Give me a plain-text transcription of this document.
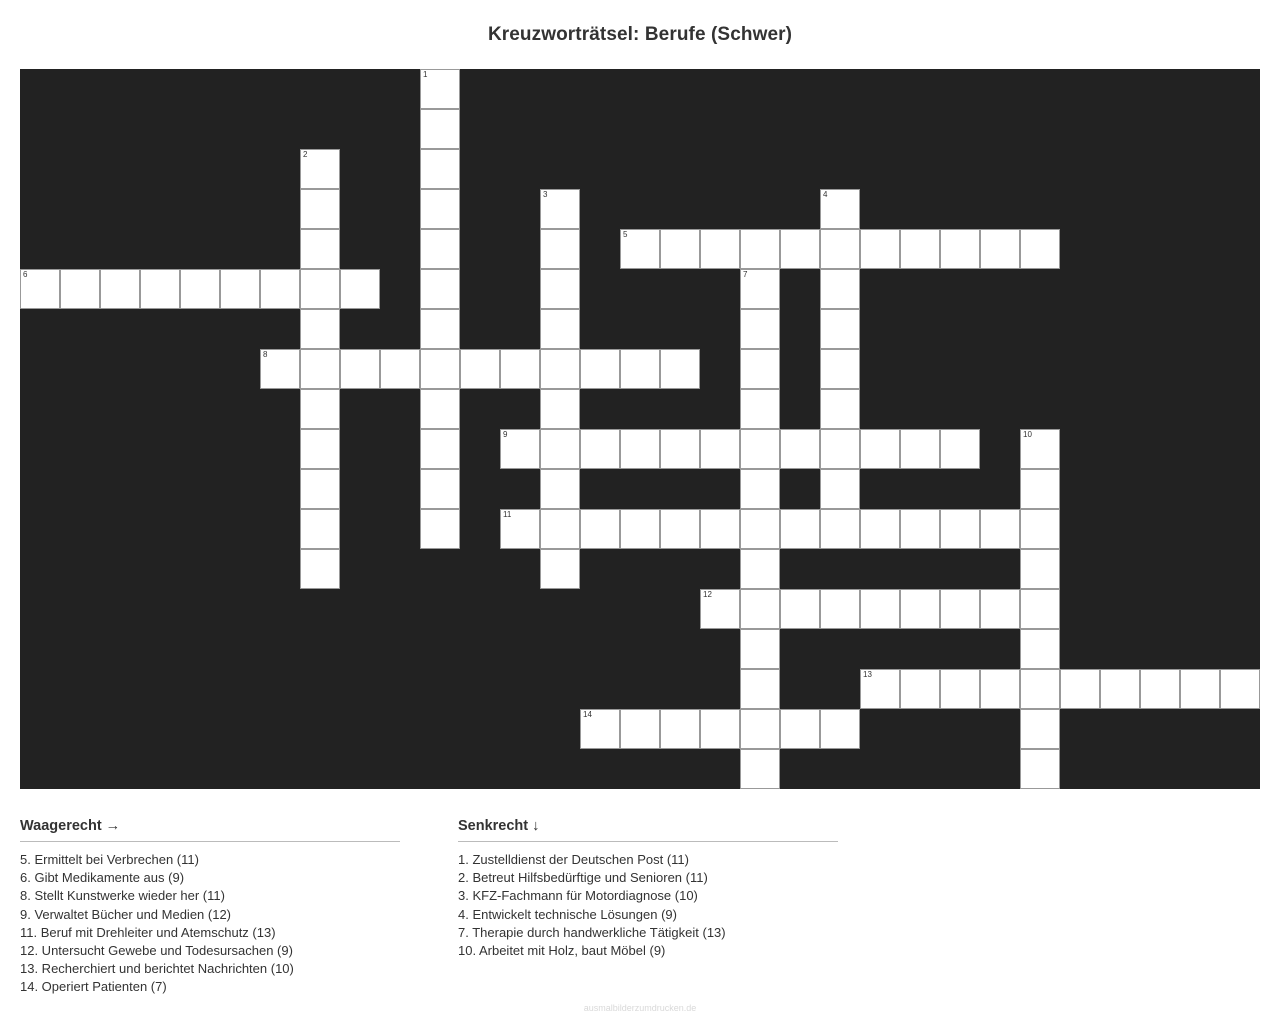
Kreuzworträtsel: Berufe (Schwer)
1
2
3	4
5
6	7
8
9	10
11
12
13
14
Waagerecht →
5. Ermittelt bei Verbrechen (11)
6. Gibt Medikamente aus (9)
8. Stellt Kunstwerke wieder her (11)
9. Verwaltet Bücher und Medien (12)
11. Beruf mit Drehleiter und Atemschutz (13)
12. Untersucht Gewebe und Todesursachen (9)
13. Recherchiert und berichtet Nachrichten (10)
14. Operiert Patienten (7)
Senkrecht ↓
1. Zustelldienst der Deutschen Post (11)
2. Betreut Hilfsbedürftige und Senioren (11)
3. KFZ-Fachmann für Motordiagnose (10)
4. Entwickelt technische Lösungen (9)
7. Therapie durch handwerkliche Tätigkeit (13)
10. Arbeitet mit Holz, baut Möbel (9)
ausmalbilderzumdrucken.de
